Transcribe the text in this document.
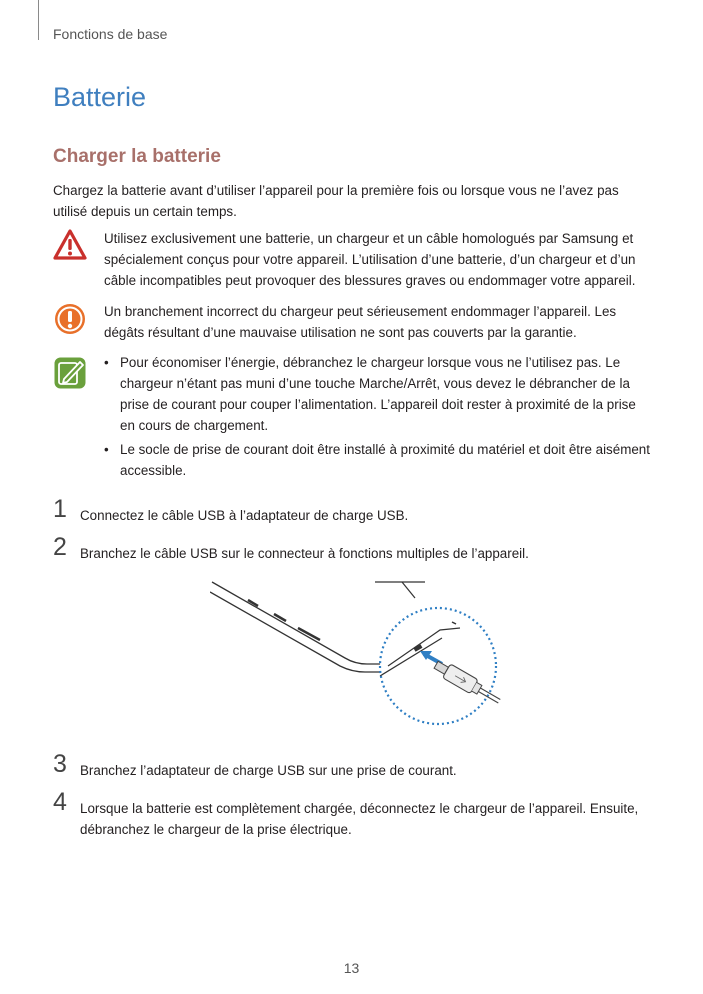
Fonctions de base
Batterie
Charger la batterie

Chargez la batterie avant d’utiliser l’appareil pour la première fois ou lorsque vous ne l’avez pas utilisé depuis un certain temps.

Utilisez exclusivement une batterie, un chargeur et un câble homologués par Samsung et spécialement conçus pour votre appareil. L’utilisation d’une batterie, d’un chargeur et d’un câble incompatibles peut provoquer des blessures graves ou endommager votre appareil.

Un branchement incorrect du chargeur peut sérieusement endommager l’appareil. Les dégâts résultant d’une mauvaise utilisation ne sont pas couverts par la garantie.

• Pour économiser l’énergie, débranchez le chargeur lorsque vous ne l’utilisez pas. Le chargeur n’étant pas muni d’une touche Marche/Arrêt, vous devez le débrancher de la prise de courant pour couper l’alimentation. L’appareil doit rester à proximité de la prise en cours de chargement.
• Le socle de prise de courant doit être installé à proximité du matériel et doit être aisément accessible.
1 Connectez le câble USB à l’adaptateur de charge USB.
2 Branchez le câble USB sur le connecteur à fonctions multiples de l’appareil.
3 Branchez l’adaptateur de charge USB sur une prise de courant.
4 Lorsque la batterie est complètement chargée, déconnectez le chargeur de l’appareil. Ensuite, débranchez le chargeur de la prise électrique.
13
